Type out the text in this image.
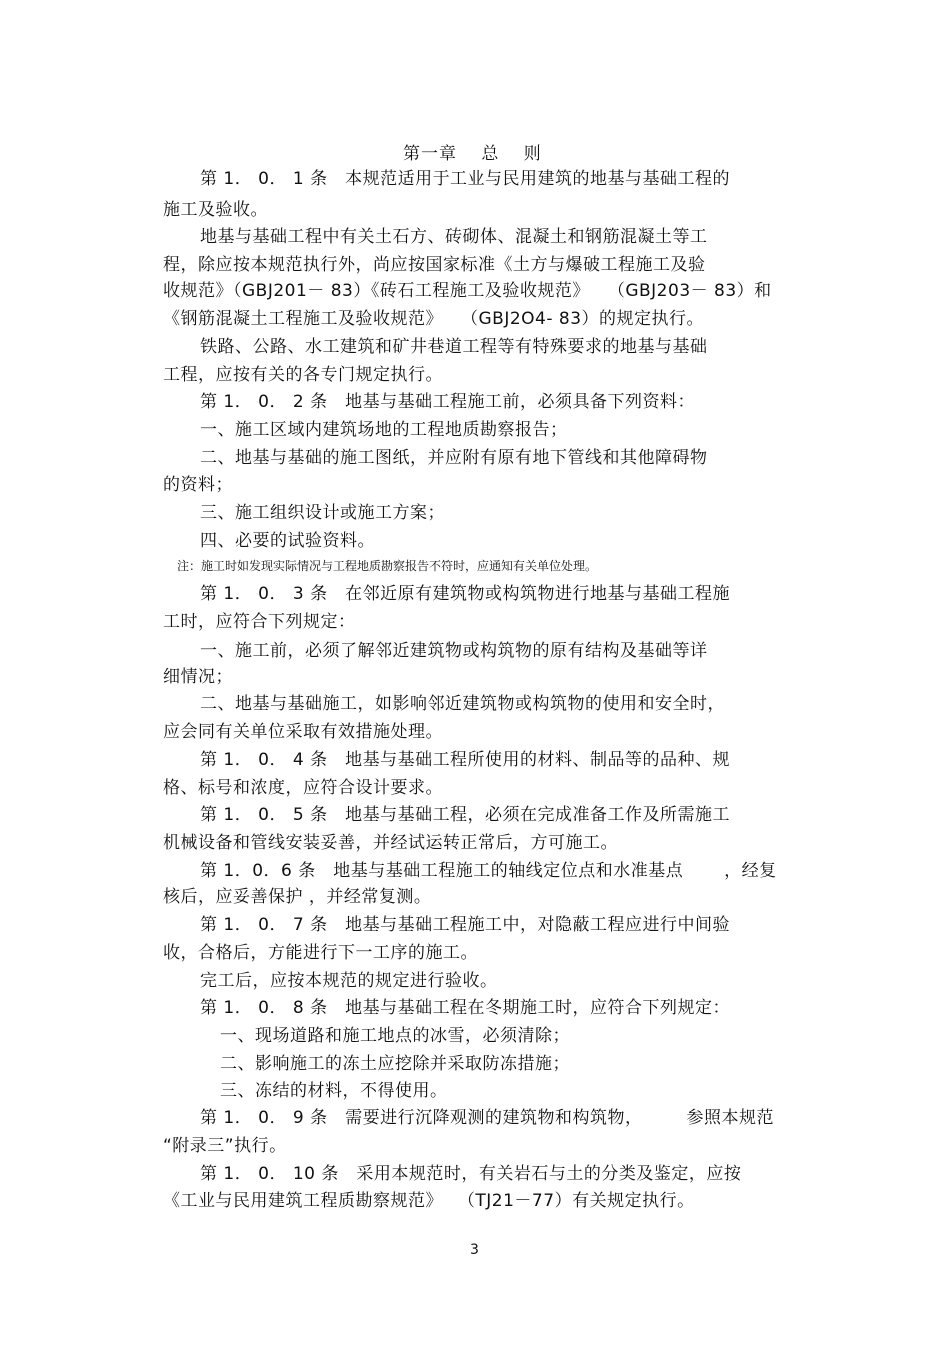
第一章　 总　 则
第 1． 0． 1 条　本规范适用于工业与民用建筑的地基与基础工程的
施工及验收。
地基与基础工程中有关土石方、砖砌体、混凝土和钢筋混凝土等工
程，除应按本规范执行外，尚应按国家标准《土方与爆破工程施工及验
收规范》（GBJ201－ 83）《砖石工程施工及验收规范》　　（GBJ203－ 83）和
《钢筋混凝土工程施工及验收规范》　　（GBJ2O4- 83）的规定执行。
铁路、公路、水工建筑和矿井巷道工程等有特殊要求的地基与基础
工程，应按有关的各专门规定执行。
第 1． 0． 2 条　地基与基础工程施工前，必须具备下列资料：
一、施工区域内建筑场地的工程地质勘察报告；
二、地基与基础的施工图纸，并应附有原有地下管线和其他障碍物
的资料；
三、施工组织设计或施工方案；
四、必要的试验资料。
注：施工时如发现实际情况与工程地质勘察报告不符时，应通知有关单位处理。
第 1． 0． 3 条　在邻近原有建筑物或构筑物进行地基与基础工程施
工时，应符合下列规定：
一、施工前，必须了解邻近建筑物或构筑物的原有结构及基础等详
细情况；
二、地基与基础施工，如影响邻近建筑物或构筑物的使用和安全时，
应会同有关单位采取有效措施处理。
第 1． 0． 4 条　地基与基础工程所使用的材料、制品等的品种、规
格、标号和浓度，应符合设计要求。
第 1． 0． 5 条　地基与基础工程，必须在完成准备工作及所需施工
机械设备和管线安装妥善，并经试运转正常后，方可施工。
第 1．0．6 条　地基与基础工程施工的轴线定位点和水准基点　　 ，经复
核后，应妥善保护 ，并经常复测。
第 1． 0． 7 条　地基与基础工程施工中，对隐蔽工程应进行中间验
收，合格后，方能进行下一工序的施工。
完工后，应按本规范的规定进行验收。
第 1． 0． 8 条　地基与基础工程在冬期施工时，应符合下列规定：
一、现场道路和施工地点的冰雪，必须清除；
二、影响施工的冻土应挖除并采取防冻措施；
三、冻结的材料，不得使用。
第 1． 0． 9 条　需要进行沉降观测的建筑物和构筑物，　　　参照本规范
“附录三”执行。
第 1． 0． 10 条　采用本规范时，有关岩石与土的分类及鉴定，应按
《工业与民用建筑工程质勘察规范》　 （TJ21－77）有关规定执行。
3
